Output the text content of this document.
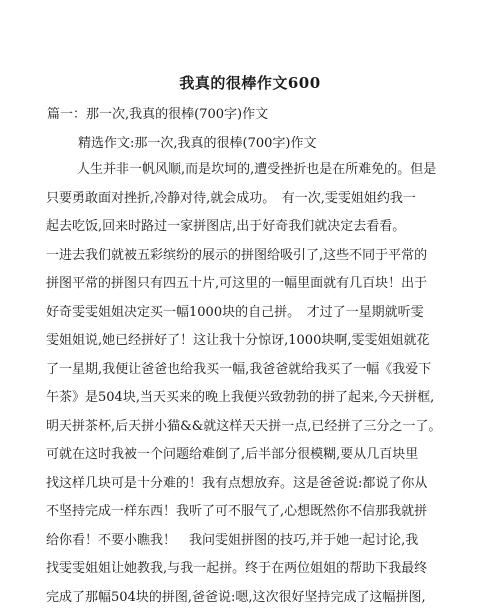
我真的很棒作文600
篇一：那一次,我真的很棒(700字)作文
精选作文:那一次,我真的很棒(700字)作文
人生并非一帆风顺,而是坎坷的,遭受挫折也是在所难免的。但是
只要勇敢面对挫折,冷静对待,就会成功。　有一次,雯雯姐姐约我一
起去吃饭,回来时路过一家拼图店,出于好奇我们就决定去看看。
一进去我们就被五彩缤纷的展示的拼图给吸引了,这些不同于平常的
拼图平常的拼图只有四五十片,可这里的一幅里面就有几百块！出于
好奇雯雯姐姐决定买一幅1000块的自己拼。　才过了一星期就听雯
雯姐姐说,她已经拼好了！这让我十分惊讶,1000块啊,雯雯姐姐就花
了一星期,我便让爸爸也给我买一幅,我爸爸就给我买了一幅《我爱下
午茶》是504块,当天买来的晚上我便兴致勃勃的拼了起来,今天拼框,
明天拼茶杯,后天拼小猫&&就这样天天拼一点,已经拼了三分之一了。
可就在这时我被一个问题给难倒了,后半部分很模糊,要从几百块里
找这样几块可是十分难的！我有点想放弃。这是爸爸说:都说了你从
不坚持完成一样东西！我听了可不服气了,心想既然你不信那我就拼
给你看！不要小瞧我！　我问雯姐拼图的技巧,并于她一起讨论,我
找雯雯姐姐让她教我,与我一起拼。终于在两位姐姐的帮助下我最终
完成了那幅504块的拼图,爸爸说:嗯,这次很好坚持完成了这幅拼图,
